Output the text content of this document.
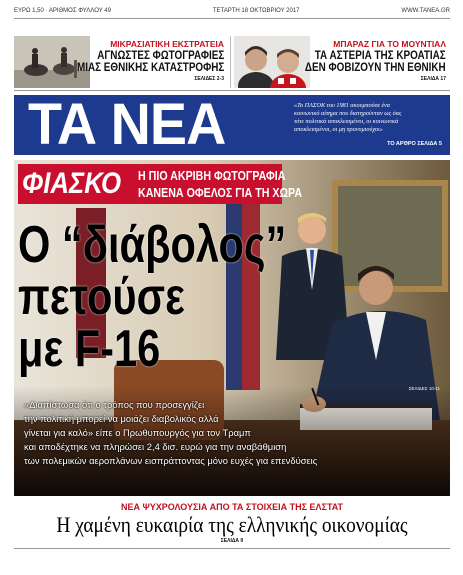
ΕΥΡΩ 1,50 · ΑΡΙΘΜΟΣ ΦΥΛΛΟΥ 49	ΤΕΤΑΡΤΗ 18 ΟΚΤΩΒΡΙΟΥ 2017	WWW.TANEA.GR
ΜΙΚΡΑΣΙΑΤΙΚΗ ΕΚΣΤΡΑΤΕΙΑ
ΑΓΝΩΣΤΕΣ ΦΩΤΟΓΡΑΦΙΕΣ
ΜΙΑΣ ΕΘΝΙΚΗΣ ΚΑΤΑΣΤΡΟΦΗΣ
ΣΕΛΙΔΕΣ 2-3
ΜΠΑΡΑΖ ΓΙΑ ΤΟ ΜΟΥΝΤΙΑΛ
ΤΑ ΑΣΤΕΡΙΑ ΤΗΣ ΚΡΟΑΤΙΑΣ
ΔΕΝ ΦΟΒΙΖΟΥΝ ΤΗΝ ΕΘΝΙΚΗ
ΣΕΛΙΔΑ 17
ΤΑ ΝΕΑ	«Το ΠΑΣΟΚ του 1981 ακουμπούσε ένα
κοινωνικό αίτημα που διατηρούνταν ως όας
τότε πολιτικά αποκλεισμένοι, οι κοινωνικά
αποκλεισμένοι, οι μη προνομιούχοι»
ΤΟ ΑΡΘΡΟ ΣΕΛΙΔΑ 5
ΦΙΑΣΚΟ Η ΠΙΟ ΑΚΡΙΒΗ ΦΩΤΟΓΡΑΦΙΑ
ΚΑΝΕΝΑ ΟΦΕΛΟΣ ΓΙΑ ΤΗ ΧΩΡΑ
Ο “διάβολος”
πετούσε
με F-16
ΣΕΛΙΔΕΣ 10-11
«Διαπίστωσα ότι ο τρόπος που προσεγγίζει
την πολιτική μπορεί να μοιάζει διαβολικός αλλά
γίνεται για καλό» είπε ο Πρωθυπουργός για τον Τραμπ
και αποδέχτηκε να πληρώσει 2,4 δισ. ευρώ για την αναβάθμιση
των πολεμικών αεροπλάνων εισπράττοντας μόνο ευχές για επενδύσεις
ΝΕΑ ΨΥΧΡΟΛΟΥΣΙΑ ΑΠΟ ΤΑ ΣΤΟΙΧΕΙΑ ΤΗΣ ΕΛΣΤΑΤ
Η χαμένη ευκαιρία της ελληνικής οικονομίας
ΣΕΛΙΔΑ 9
